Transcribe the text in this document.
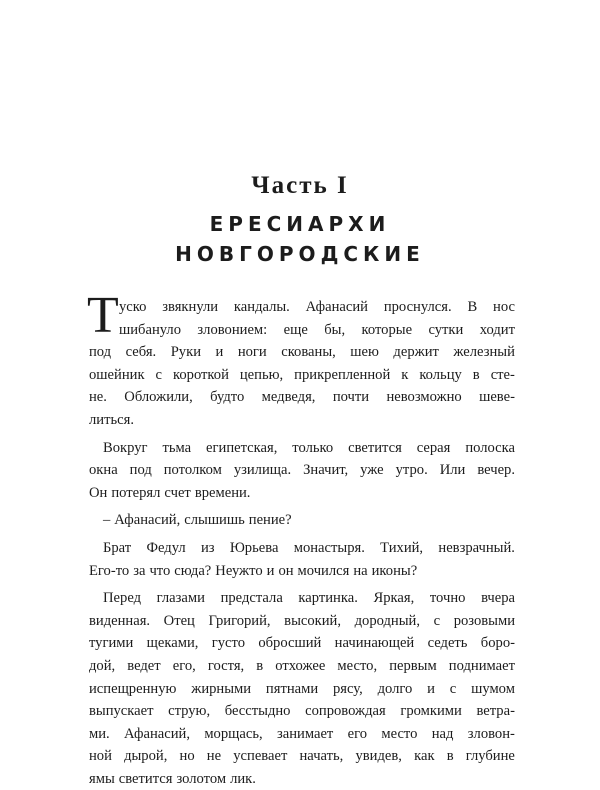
Часть I
ЕРЕСИАРХИ
НОВГОРОДСКИЕ
Т уско звякнули кандалы. Афанасий проснулся. В нос
шибануло зловонием: еще бы, которые сутки ходит
под себя. Руки и ноги скованы, шею держит железный
ошейник с короткой цепью, прикрепленной к кольцу в сте-
не. Обложили, будто медведя, почти невозможно шеве-
литься.
Вокруг тьма египетская, только светится серая полоска
окна под потолком узилища. Значит, уже утро. Или вечер.
Он потерял счет времени.
– Афанасий, слышишь пение?
Брат Федул из Юрьева монастыря. Тихий, невзрачный.
Его-то за что сюда? Неужто и он мочился на иконы?
Перед глазами предстала картинка. Яркая, точно вчера
виденная. Отец Григорий, высокий, дородный, с розовыми
тугими щеками, густо обросший начинающей седеть боро-
дой, ведет его, гостя, в отхожее место, первым поднимает
испещренную жирными пятнами рясу, долго и с шумом
выпускает струю, бесстыдно сопровождая громкими ветра-
ми. Афанасий, морщась, занимает его место над зловон-
ной дырой, но не успевает начать, увидев, как в глубине
ямы светится золотом лик.
